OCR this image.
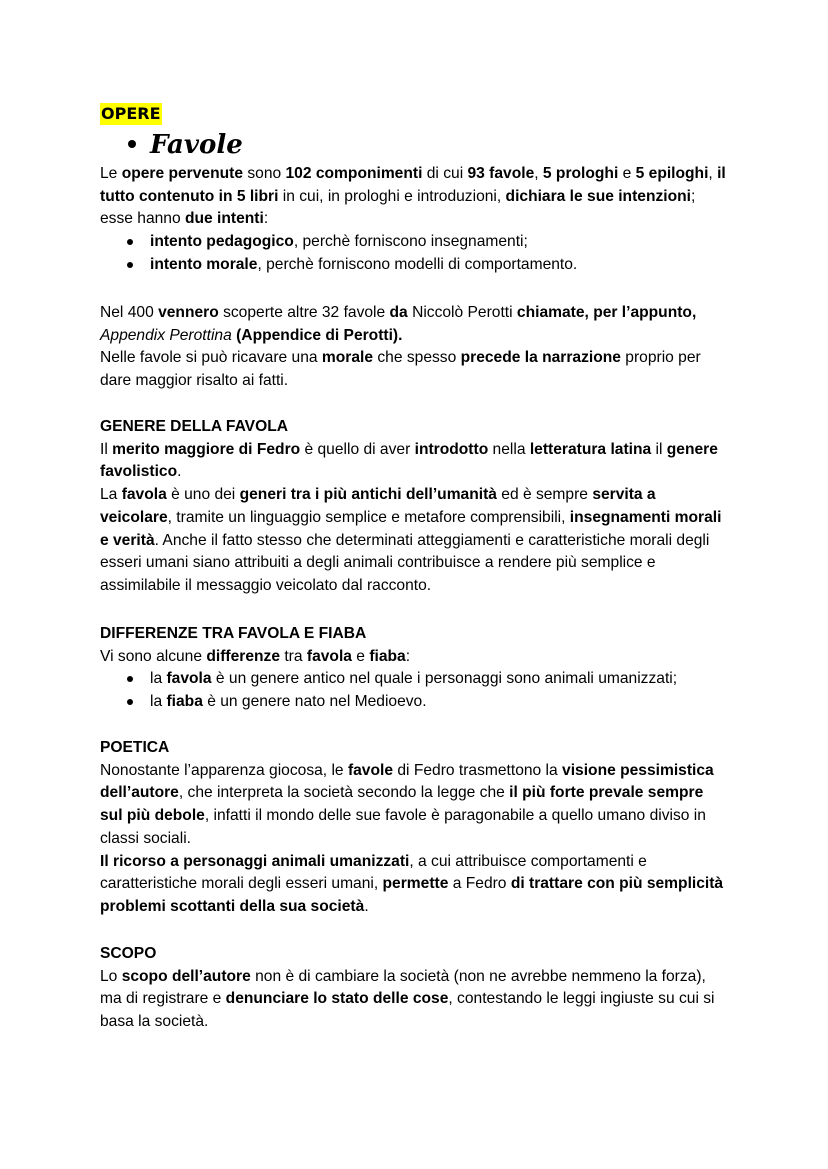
OPERE
Favole

Le opere pervenute sono 102 componimenti di cui 93 favole, 5 prologhi e 5 epiloghi, il tutto contenuto in 5 libri in cui, in prologhi e introduzioni, dichiara le sue intenzioni; esse hanno due intenti:

intento pedagogico, perchè forniscono insegnamenti;
intento morale, perchè forniscono modelli di comportamento.

Nel 400 vennero scoperte altre 32 favole da Niccolò Perotti chiamate, per l’appunto, Appendix Perottina (Appendice di Perotti).

Nelle favole si può ricavare una morale che spesso precede la narrazione proprio per dare maggior risalto ai fatti.

GENERE DELLA FAVOLA

Il merito maggiore di Fedro è quello di aver introdotto nella letteratura latina il genere favolistico.

La favola è uno dei generi tra i più antichi dell’umanità ed è sempre servita a veicolare, tramite un linguaggio semplice e metafore comprensibili, insegnamenti morali e verità. Anche il fatto stesso che determinati atteggiamenti e caratteristiche morali degli esseri umani siano attribuiti a degli animali contribuisce a rendere più semplice e assimilabile il messaggio veicolato dal racconto.

DIFFERENZE TRA FAVOLA E FIABA

Vi sono alcune differenze tra favola e fiaba:

la favola è un genere antico nel quale i personaggi sono animali umanizzati;
la fiaba è un genere nato nel Medioevo.

POETICA

Nonostante l’apparenza giocosa, le favole di Fedro trasmettono la visione pessimistica dell’autore, che interpreta la società secondo la legge che il più forte prevale sempre sul più debole, infatti il mondo delle sue favole è paragonabile a quello umano diviso in classi sociali.

Il ricorso a personaggi animali umanizzati, a cui attribuisce comportamenti e caratteristiche morali degli esseri umani, permette a Fedro di trattare con più semplicità problemi scottanti della sua società.

SCOPO

Lo scopo dell’autore non è di cambiare la società (non ne avrebbe nemmeno la forza), ma di registrare e denunciare lo stato delle cose, contestando le leggi ingiuste su cui si basa la società.
